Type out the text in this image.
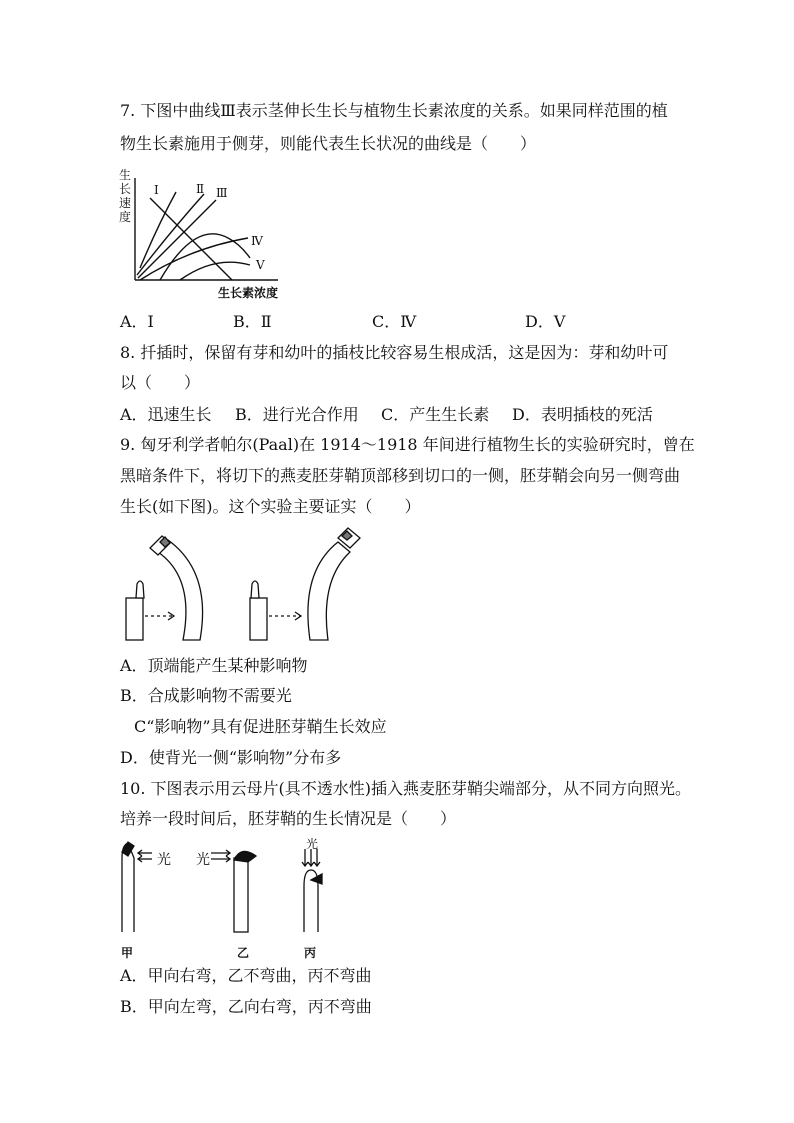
7. 下图中曲线Ⅲ表示茎伸长生长与植物生长素浓度的关系。如果同样范围的植
物生长素施用于侧芽，则能代表生长状况的曲线是（　　）
生
长
速
度
Ⅰ	Ⅱ Ⅲ
Ⅳ
Ⅴ
生长素浓度
A．Ⅰ	B．Ⅱ	C．Ⅳ	D．Ⅴ
8. 扦插时，保留有芽和幼叶的插枝比较容易生根成活，这是因为：芽和幼叶可
以（　　）
A．迅速生长 B．进行光合作用 C．产生生长素 D．表明插枝的死活
9. 匈牙利学者帕尔(Paal)在 1914～1918 年间进行植物生长的实验研究时，曾在
黑暗条件下，将切下的燕麦胚芽鞘顶部移到切口的一侧，胚芽鞘会向另一侧弯曲
生长(如下图)。这个实验主要证实（　　）
A．顶端能产生某种影响物
B．合成影响物不需要光
C“影响物”具有促进胚芽鞘生长效应
D．使背光一侧“影响物”分布多
10. 下图表示用云母片(具不透水性)插入燕麦胚芽鞘尖端部分，从不同方向照光。
培养一段时间后，胚芽鞘的生长情况是（　　）
光 光
光
甲	乙	丙
A．甲向右弯，乙不弯曲，丙不弯曲
B．甲向左弯，乙向右弯，丙不弯曲
